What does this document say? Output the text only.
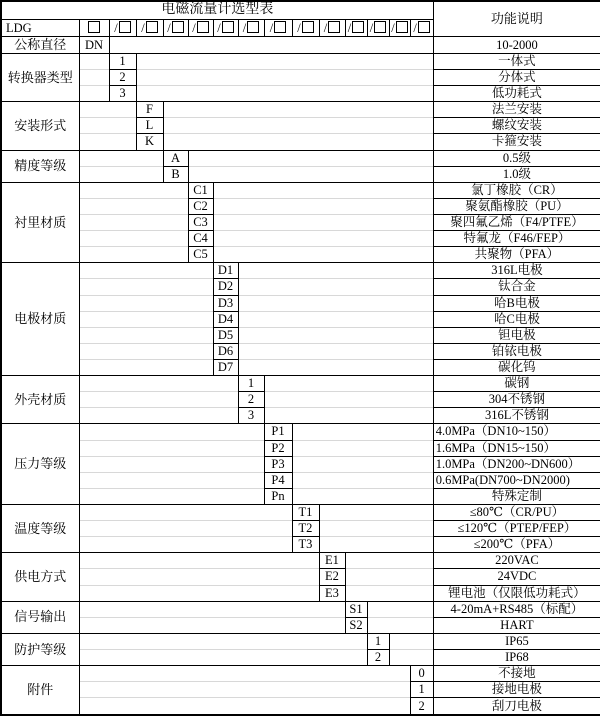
电磁流量计选型表															功能说明
LDG		/	/	/	/	/	/	/	/	/	/	/	/	/	
公称直径	DN														10-2000
转换器类型		1													一体式
		2													分体式
		3													低功耗式
安装形式			F												法兰安装
			L												螺纹安装
			K												卡箍安装
精度等级				A											0.5级
				B											1.0级
衬里材质					C1										氯丁橡胶（CR）
					C2										聚氨酯橡胶（PU）
					C3										聚四氟乙烯（F4/PTFE）
					C4										特氟龙（F46/FEP）
					C5										共聚物（PFA）
电极材质						D1									316L电极
						D2									钛合金
						D3									哈B电极
						D4									哈C电极
						D5									钽电极
						D6									铂铱电极
						D7									碳化钨
外壳材质							1								碳钢
							2								304不锈钢
							3								316L不锈钢
压力等级								P1							4.0MPa（DN10~150）
								P2							1.6MPa（DN15~150）
								P3							1.0MPa（DN200~DN600）
								P4							0.6MPa(DN700~DN2000)
								Pn							特殊定制
温度等级									T1						≤80℃（CR/PU）
									T2						≤120℃（PTEP/FEP）
									T3						≤200℃（PFA）
供电方式										E1					220VAC
										E2					24VDC
										E3					锂电池（仅限低功耗式）
信号输出											S1				4-20mA+RS485（标配）
											S2				HART
防护等级												1			IP65
												2			IP68
附件														0	不接地
														1	接地电极
														2	刮刀电极
